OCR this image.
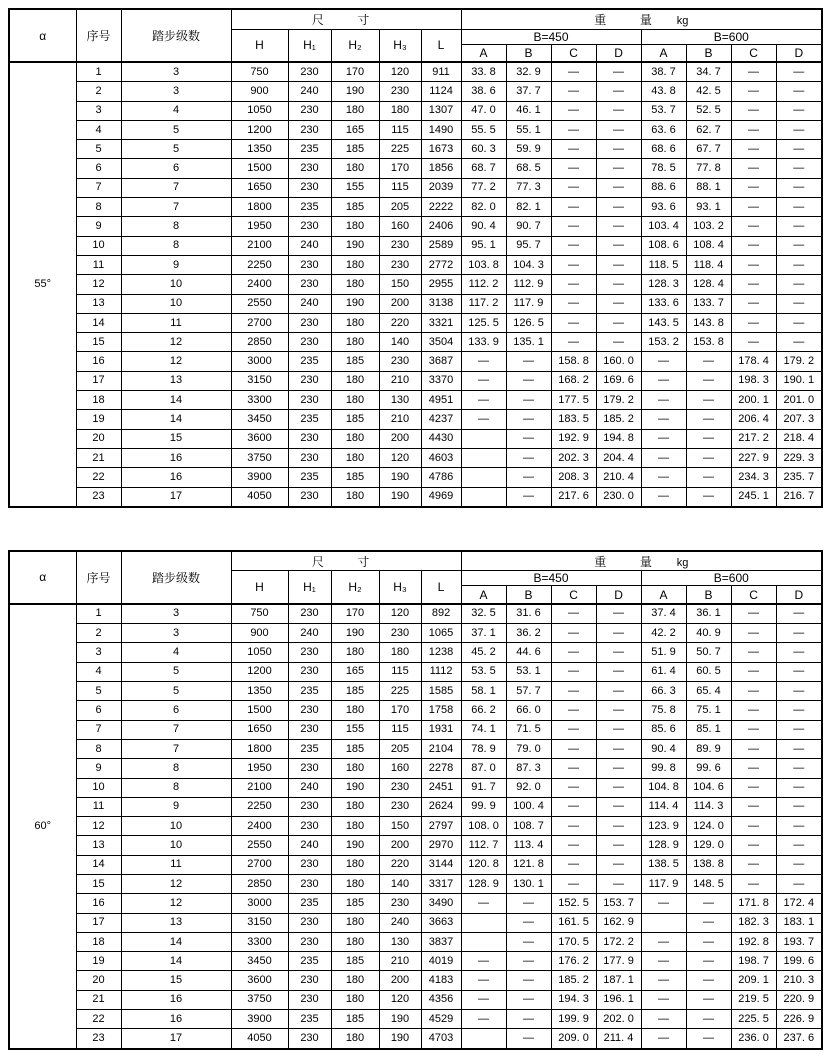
α	序号	踏步级数	尺　寸					重　量 kg							
			H	H₁	H₂	H₃	L	B=450				B=600			
								A	B	C	D	A	B	C	D
55°	1	3	750	230	170	120	911	33. 8	32. 9	—	—	38. 7	34. 7	—	—
	2	3	900	240	190	230	1124	38. 6	37. 7	—	—	43. 8	42. 5	—	—
	3	4	1050	230	180	180	1307	47. 0	46. 1	—	—	53. 7	52. 5	—	—
	4	5	1200	230	165	115	1490	55. 5	55. 1	—	—	63. 6	62. 7	—	—
	5	5	1350	235	185	225	1673	60. 3	59. 9	—	—	68. 6	67. 7	—	—
	6	6	1500	230	180	170	1856	68. 7	68. 5	—	—	78. 5	77. 8	—	—
	7	7	1650	230	155	115	2039	77. 2	77. 3	—	—	88. 6	88. 1	—	—
	8	7	1800	235	185	205	2222	82. 0	82. 1	—	—	93. 6	93. 1	—	—
	9	8	1950	230	180	160	2406	90. 4	90. 7	—	—	103. 4	103. 2	—	—
	10	8	2100	240	190	230	2589	95. 1	95. 7	—	—	108. 6	108. 4	—	—
	11	9	2250	230	180	230	2772	103. 8	104. 3	—	—	118. 5	118. 4	—	—
	12	10	2400	230	180	150	2955	112. 2	112. 9	—	—	128. 3	128. 4	—	—
	13	10	2550	240	190	200	3138	117. 2	117. 9	—	—	133. 6	133. 7	—	—
	14	11	2700	230	180	220	3321	125. 5	126. 5	—	—	143. 5	143. 8	—	—
	15	12	2850	230	180	140	3504	133. 9	135. 1	—	—	153. 2	153. 8	—	—
	16	12	3000	235	185	230	3687	—	—	158. 8	160. 0	—	—	178. 4	179. 2
	17	13	3150	230	180	210	3370	—	—	168. 2	169. 6	—	—	198. 3	190. 1
	18	14	3300	230	180	130	4951	—	—	177. 5	179. 2	—	—	200. 1	201. 0
	19	14	3450	235	185	210	4237	—	—	183. 5	185. 2	—	—	206. 4	207. 3
	20	15	3600	230	180	200	4430		—	192. 9	194. 8	—	—	217. 2	218. 4
	21	16	3750	230	180	120	4603		—	202. 3	204. 4	—	—	227. 9	229. 3
	22	16	3900	235	185	190	4786		—	208. 3	210. 4	—	—	234. 3	235. 7
	23	17	4050	230	180	190	4969		—	217. 6	230. 0	—	—	245. 1	216. 7
α	序号	踏步级数	尺　寸					重　量 kg							
			H	H₁	H₂	H₃	L	B=450				B=600			
								A	B	C	D	A	B	C	D
60°	1	3	750	230	170	120	892	32. 5	31. 6	—	—	37. 4	36. 1	—	—
	2	3	900	240	190	230	1065	37. 1	36. 2	—	—	42. 2	40. 9	—	—
	3	4	1050	230	180	180	1238	45. 2	44. 6	—	—	51. 9	50. 7	—	—
	4	5	1200	230	165	115	1112	53. 5	53. 1	—	—	61. 4	60. 5	—	—
	5	5	1350	235	185	225	1585	58. 1	57. 7	—	—	66. 3	65. 4	—	—
	6	6	1500	230	180	170	1758	66. 2	66. 0	—	—	75. 8	75. 1	—	—
	7	7	1650	230	155	115	1931	74. 1	71. 5	—	—	85. 6	85. 1	—	—
	8	7	1800	235	185	205	2104	78. 9	79. 0	—	—	90. 4	89. 9	—	—
	9	8	1950	230	180	160	2278	87. 0	87. 3	—	—	99. 8	99. 6	—	—
	10	8	2100	240	190	230	2451	91. 7	92. 0	—	—	104. 8	104. 6	—	—
	11	9	2250	230	180	230	2624	99. 9	100. 4	—	—	114. 4	114. 3	—	—
	12	10	2400	230	180	150	2797	108. 0	108. 7	—	—	123. 9	124. 0	—	—
	13	10	2550	240	190	200	2970	112. 7	113. 4	—	—	128. 9	129. 0	—	—
	14	11	2700	230	180	220	3144	120. 8	121. 8	—	—	138. 5	138. 8	—	—
	15	12	2850	230	180	140	3317	128. 9	130. 1	—	—	117. 9	148. 5	—	—
	16	12	3000	235	185	230	3490	—	—	152. 5	153. 7	—	—	171. 8	172. 4
	17	13	3150	230	180	240	3663		—	161. 5	162. 9		—	182. 3	183. 1
	18	14	3300	230	180	130	3837		—	170. 5	172. 2	—	—	192. 8	193. 7
	19	14	3450	235	185	210	4019	—	—	176. 2	177. 9	—	—	198. 7	199. 6
	20	15	3600	230	180	200	4183	—	—	185. 2	187. 1	—	—	209. 1	210. 3
	21	16	3750	230	180	120	4356	—	—	194. 3	196. 1	—	—	219. 5	220. 9
	22	16	3900	235	185	190	4529	—	—	199. 9	202. 0	—	—	225. 5	226. 9
	23	17	4050	230	180	190	4703		—	209. 0	211. 4	—	—	236. 0	237. 6
